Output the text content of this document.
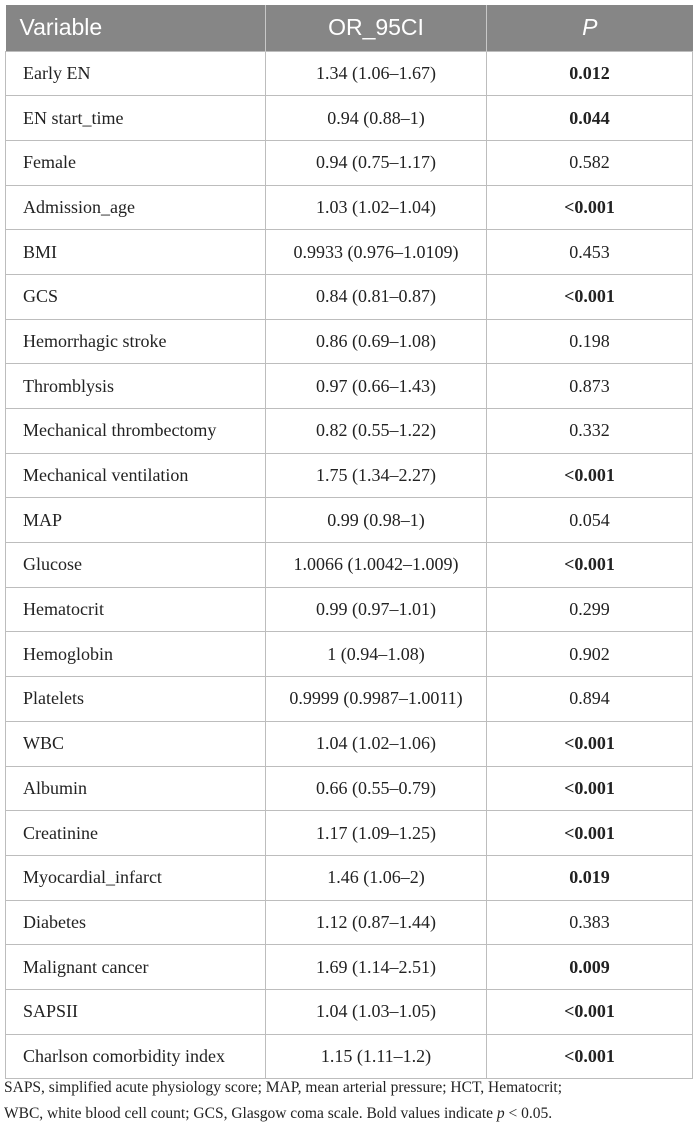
Variable	OR_95CI	P
Early EN	1.34 (1.06–1.67)	0.012
EN start_time	0.94 (0.88–1)	0.044
Female	0.94 (0.75–1.17)	0.582
Admission_age	1.03 (1.02–1.04)	<0.001
BMI	0.9933 (0.976–1.0109)	0.453
GCS	0.84 (0.81–0.87)	<0.001
Hemorrhagic stroke	0.86 (0.69–1.08)	0.198
Thromblysis	0.97 (0.66–1.43)	0.873
Mechanical thrombectomy	0.82 (0.55–1.22)	0.332
Mechanical ventilation	1.75 (1.34–2.27)	<0.001
MAP	0.99 (0.98–1)	0.054
Glucose	1.0066 (1.0042–1.009)	<0.001
Hematocrit	0.99 (0.97–1.01)	0.299
Hemoglobin	1 (0.94–1.08)	0.902
Platelets	0.9999 (0.9987–1.0011)	0.894
WBC	1.04 (1.02–1.06)	<0.001
Albumin	0.66 (0.55–0.79)	<0.001
Creatinine	1.17 (1.09–1.25)	<0.001
Myocardial_infarct	1.46 (1.06–2)	0.019
Diabetes	1.12 (0.87–1.44)	0.383
Malignant cancer	1.69 (1.14–2.51)	0.009
SAPSII	1.04 (1.03–1.05)	<0.001
Charlson comorbidity index	1.15 (1.11–1.2)	<0.001
SAPS, simplified acute physiology score; MAP, mean arterial pressure; HCT, Hematocrit;
WBC, white blood cell count; GCS, Glasgow coma scale. Bold values indicate p < 0.05.
